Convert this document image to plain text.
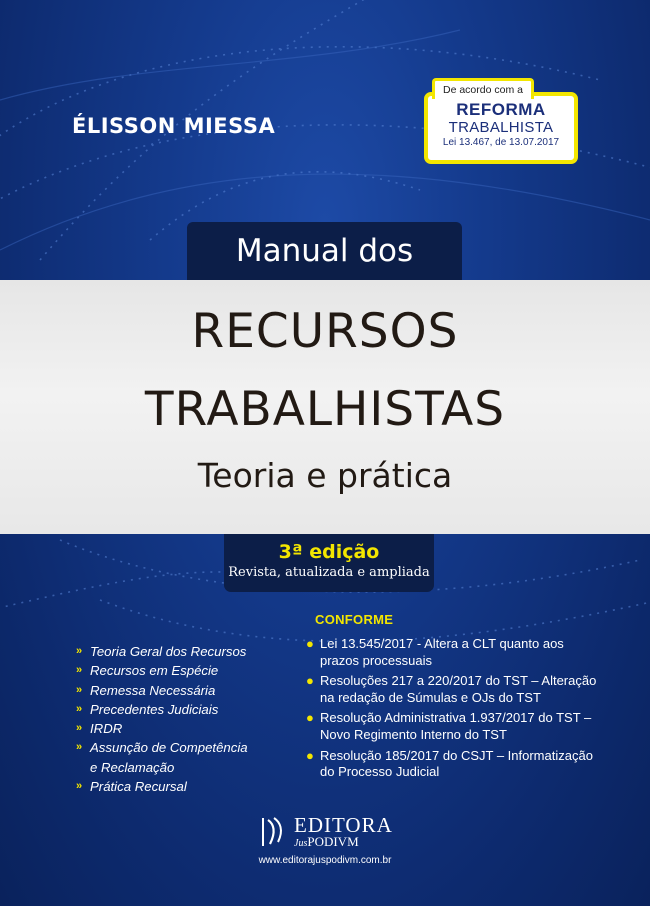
ÉLISSON MIESSA
REFORMA
TRABALHISTA
Lei 13.467, de 13.07.2017
De acordo com a
Manual dos
RECURSOS
TRABALHISTAS
Teoria e prática
3ª edição
Revista, atualizada e ampliada
» Teoria Geral dos Recursos
» Recursos em Espécie
» Remessa Necessária
» Precedentes Judiciais
» IRDR
» Assunção de Competência
e Reclamação
» Prática Recursal
CONFORME
● Lei 13.545/2017 - Altera a CLT quanto aos prazos processuais
● Resoluções 217 a 220/2017 do TST – Alteração na redação de Súmulas e OJs do TST
● Resolução Administrativa 1.937/2017 do TST – Novo Regimento Interno do TST
● Resolução 185/2017 do CSJT – Informatização do Processo Judicial
EDITORA
JusPODIVM
www.editorajuspodivm.com.br
